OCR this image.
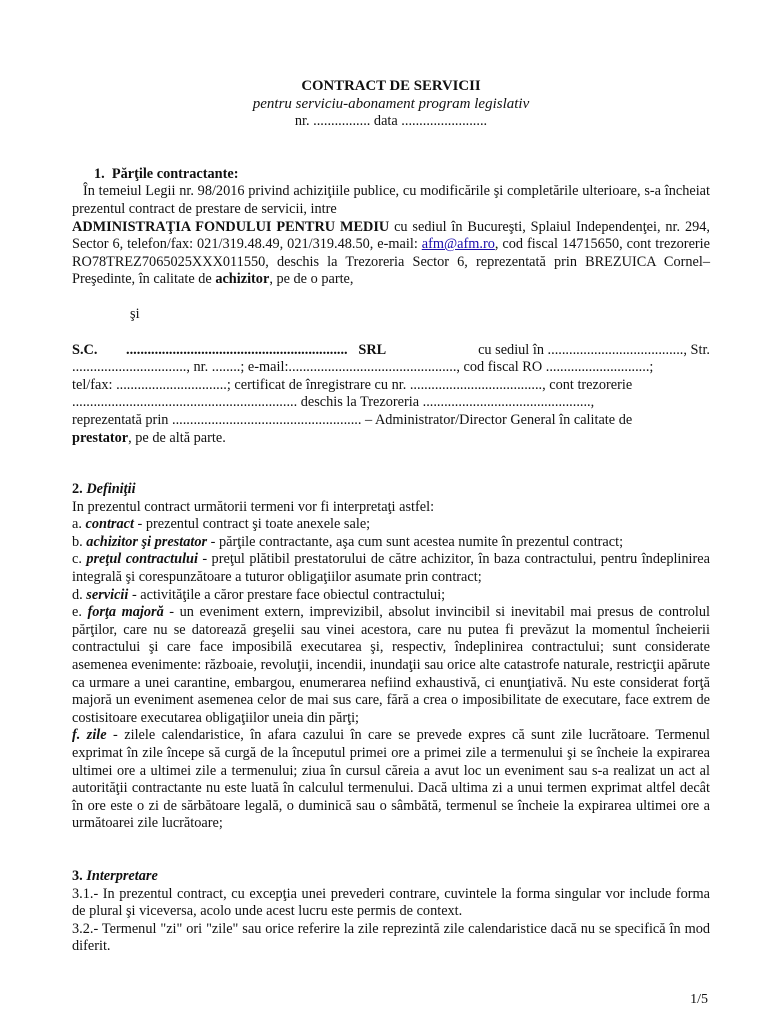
CONTRACT DE SERVICII
pentru serviciu-abonament program legislativ
nr. ................ data ........................
1.  Părţile contractante:

În temeiul Legii nr. 98/2016 privind achiziţiile publice, cu modificările şi completările ulterioare, s-a încheiat prezentul contract de prestare de servicii, intre

ADMINISTRAŢIA FONDULUI PENTRU MEDIU cu sediul în Bucureşti, Splaiul Independenţei, nr. 294, Sector 6, telefon/fax: 021/319.48.49, 021/319.48.50, e-mail: afm@afm.ro, cod fiscal 14715650, cont trezorerie RO78TREZ7065025XXX011550, deschis la Trezoreria Sector 6, reprezentată prin BREZUICA Cornel– Preşedinte, în calitate de achizitor, pe de o parte,

şi
S.C. .............................................................. SRL	cu sediul în ......................................, Str.
................................, nr. ........; e-mail:..............................................., cod fiscal RO .............................;
tel/fax: ...............................; certificat de înregistrare cu nr. ....................................., cont trezorerie
............................................................... deschis la Trezoreria ...............................................,
reprezentată prin ..................................................... – Administrator/Director General în calitate de
prestator, pe de altă parte.
2. Definiţii

In prezentul contract următorii termeni vor fi interpretaţi astfel:

a. contract - prezentul contract şi toate anexele sale;

b. achizitor şi prestator - părţile contractante, aşa cum sunt acestea numite în prezentul contract;

c. preţul contractului - preţul plătibil prestatorului de către achizitor, în baza contractului, pentru îndeplinirea integrală şi corespunzătoare a tuturor obligaţiilor asumate prin contract;

d. servicii - activităţile a căror prestare face obiectul contractului;

e. forţa majoră - un eveniment extern, imprevizibil, absolut invincibil si inevitabil mai presus de controlul părţilor, care nu se datorează greşelii sau vinei acestora, care nu putea fi prevăzut la momentul încheierii contractului şi care face imposibilă executarea şi, respectiv, îndeplinirea contractului; sunt considerate asemenea evenimente: războaie, revoluţii, incendii, inundaţii sau orice alte catastrofe naturale, restricţii apărute ca urmare a unei carantine, embargou, enumerarea nefiind exhaustivă, ci enunţiativă. Nu este considerat forţă majoră un eveniment asemenea celor de mai sus care, fără a crea o imposibilitate de executare, face extrem de costisitoare executarea obligaţiilor uneia din părţi;

f. zile - zilele calendaristice, în afara cazului în care se prevede expres că sunt zile lucrătoare. Termenul exprimat în zile începe să curgă de la începutul primei ore a primei zile a termenului şi se încheie la expirarea ultimei ore a ultimei zile a termenului; ziua în cursul căreia a avut loc un eveniment sau s-a realizat un act al autorităţii contractante nu este luată în calculul termenului. Dacă ultima zi a unui termen exprimat altfel decât în ore este o zi de sărbătoare legală, o duminică sau o sâmbătă, termenul se încheie la expirarea ultimei ore a următoarei zile lucrătoare;

3. Interpretare

3.1.- In prezentul contract, cu excepţia unei prevederi contrare, cuvintele la forma singular vor include forma de plural şi viceversa, acolo unde acest lucru este permis de context.

3.2.- Termenul "zi" ori "zile" sau orice referire la zile reprezintă zile calendaristice dacă nu se specifică în mod diferit.

1/5
